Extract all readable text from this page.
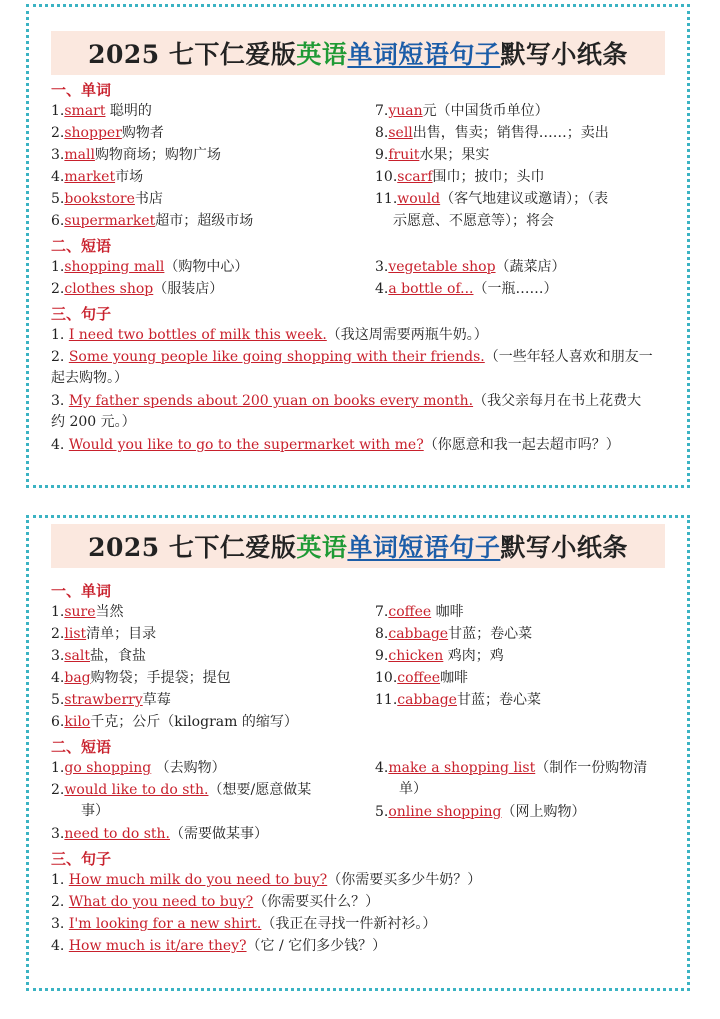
2025 七下仁爱版 英语 单词短语句子 默写小纸条
一、单词
1.smart 聪明的
2.shopper购物者
3.mall购物商场；购物广场
4.market市场
5.bookstore书店
6.supermarket超市；超级市场
7.yuan元（中国货币单位）
8.sell出售，售卖；销售得……；卖出
9.fruit水果；果实
10.scarf围巾；披巾；头巾
11.would（客气地建议或邀请）；（表
示愿意、不愿意等）；将会
二、短语
1.shopping mall（购物中心）
2.clothes shop（服装店）
3.vegetable shop（蔬菜店）
4.a bottle of...（一瓶……）
三、句子
1. I need two bottles of milk this week.（我这周需要两瓶牛奶。）
2. Some young people like going shopping with their friends.（一些年轻人喜欢和朋友一
起去购物。）
3. My father spends about 200 yuan on books every month.（我父亲每月在书上花费大
约 200 元。）
4. Would you like to go to the supermarket with me?（你愿意和我一起去超市吗？）
2025 七下仁爱版 英语 单词短语句子 默写小纸条
一、单词
1.sure当然
2.list清单；目录
3.salt盐，食盐
4.bag购物袋；手提袋；提包
5.strawberry草莓
6.kilo千克；公斤（kilogram 的缩写）
7.coffee 咖啡
8.cabbage甘蓝；卷心菜
9.chicken 鸡肉；鸡
10.coffee咖啡
11.cabbage甘蓝；卷心菜
二、短语
1.go shopping （去购物）
2.would like to do sth.（想要/愿意做某
事）
3.need to do sth.（需要做某事）
4.make a shopping list（制作一份购物清
单）
5.online shopping（网上购物）
三、句子
1. How much milk do you need to buy?（你需要买多少牛奶？）
2. What do you need to buy?（你需要买什么？）
3. I'm looking for a new shirt.（我正在寻找一件新衬衫。）
4. How much is it/are they?（它 / 它们多少钱？）
